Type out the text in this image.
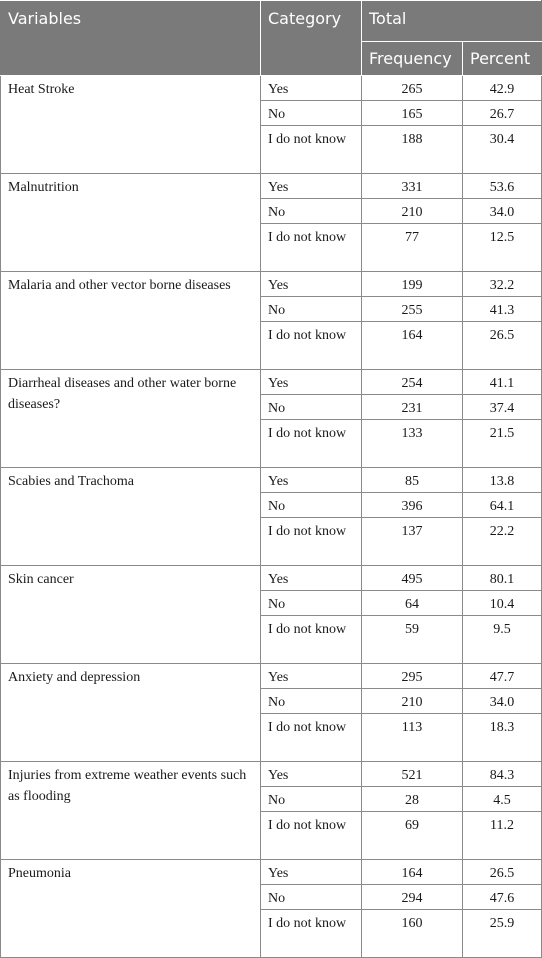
Variables	Category	Total	
		Frequency	Percent
Heat Stroke	Yes	265	42.9
	No	165	26.7
	I do not know	188	30.4
Malnutrition	Yes	331	53.6
	No	210	34.0
	I do not know	77	12.5
Malaria and other vector borne diseases	Yes	199	32.2
	No	255	41.3
	I do not know	164	26.5
Diarrheal diseases and other water borne diseases?	Yes	254	41.1
	No	231	37.4
	I do not know	133	21.5
Scabies and Trachoma	Yes	85	13.8
	No	396	64.1
	I do not know	137	22.2
Skin cancer	Yes	495	80.1
	No	64	10.4
	I do not know	59	9.5
Anxiety and depression	Yes	295	47.7
	No	210	34.0
	I do not know	113	18.3
Injuries from extreme weather events such as flooding	Yes	521	84.3
	No	28	4.5
	I do not know	69	11.2
Pneumonia	Yes	164	26.5
	No	294	47.6
	I do not know	160	25.9
